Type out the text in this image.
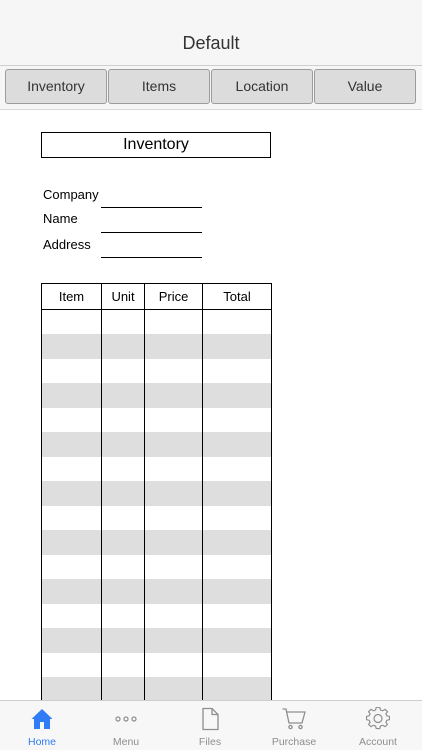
Default
Inventory	Items	Location	Value
Inventory
Company
Name
Address
Item	Unit	Price	Total

Home	Menu	Files	Purchase	Account
